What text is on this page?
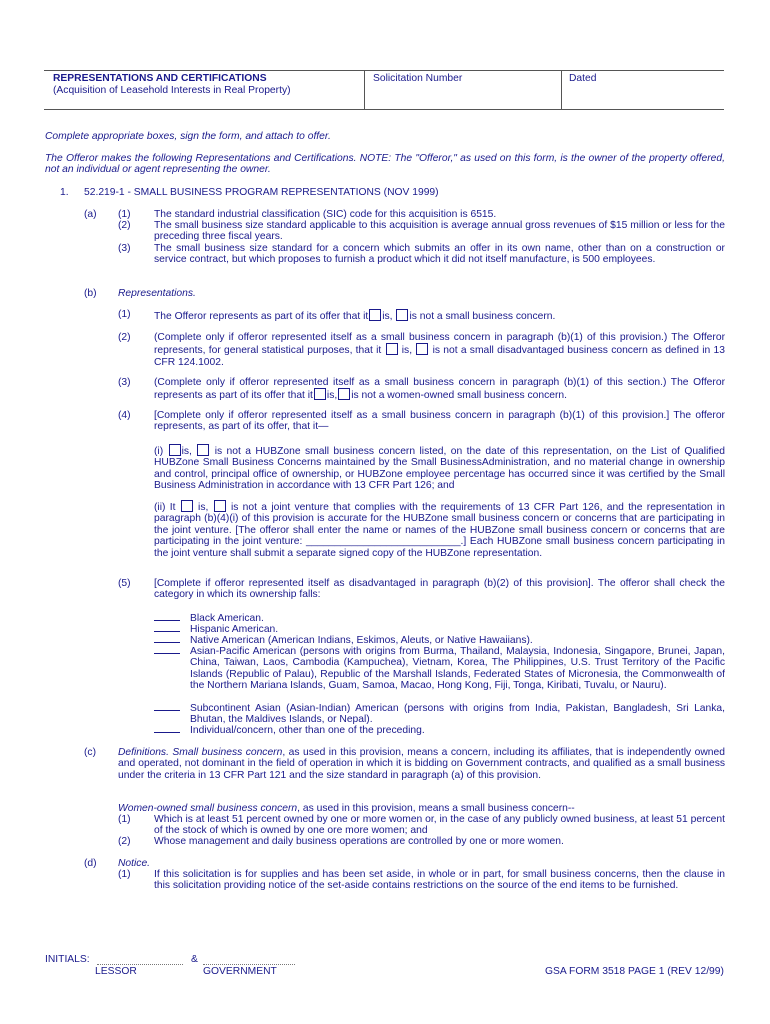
REPRESENTATIONS AND CERTIFICATIONS
(Acquisition of Leasehold Interests in Real Property)
Solicitation Number	Dated
Complete appropriate boxes, sign the form, and attach to offer.
The Offeror makes the following Representations and Certifications. NOTE: The "Offeror," as used on this form, is the owner of the property offered, not an individual or agent representing the owner.
1. 52.219-1 - SMALL BUSINESS PROGRAM REPRESENTATIONS (NOV 1999)
(a) (1) The standard industrial classification (SIC) code for this acquisition is 6515.
(2) The small business size standard applicable to this acquisition is average annual gross revenues of $15 million or less for the preceding three fiscal years.
(3) The small business size standard for a concern which submits an offer in its own name, other than on a construction or service contract, but which proposes to furnish a product which it did not itself manufacture, is 500 employees.
(b) Representations.
(1) The Offeror represents as part of its offer that it is, is not a small business concern.
(2) (Complete only if offeror represented itself as a small business concern in paragraph (b)(1) of this provision.) The Offeror represents, for general statistical purposes, that it is, is not a small disadvantaged business concern as defined in 13 CFR 124.1002.
(3) (Complete only if offeror represented itself as a small business concern in paragraph (b)(1) of this section.) The Offeror represents as part of its offer that it is, is not a women-owned small business concern.
(4) [Complete only if offeror represented itself as a small business concern in paragraph (b)(1) of this provision.] The offeror represents, as part of its offer, that it—
(i) is, is not a HUBZone small business concern listed, on the date of this representation, on the List of Qualified HUBZone Small Business Concerns maintained by the Small BusinessAdministration, and no material change in ownership and control, principal office of ownership, or HUBZone employee percentage has occurred since it was certified by the Small Business Administration in accordance with 13 CFR Part 126; and
(ii) It is, is not a joint venture that complies with the requirements of 13 CFR Part 126, and the representation in paragraph (b)(4)(i) of this provision is accurate for the HUBZone small business concern or concerns that are participating in the joint venture. [The offeror shall enter the name or names of the HUBZone small business concern or concerns that are participating in the joint venture: ___________________________.] Each HUBZone small business concern participating in the joint venture shall submit a separate signed copy of the HUBZone representation.
(5) [Complete if offeror represented itself as disadvantaged in paragraph (b)(2) of this provision]. The offeror shall check the category in which its ownership falls:
Black American.
Hispanic American.
Native American (American Indians, Eskimos, Aleuts, or Native Hawaiians).
Asian-Pacific American (persons with origins from Burma, Thailand, Malaysia, Indonesia, Singapore, Brunei, Japan, China, Taiwan, Laos, Cambodia (Kampuchea), Vietnam, Korea, The Philippines, U.S. Trust Territory of the Pacific Islands (Republic of Palau), Republic of the Marshall Islands, Federated States of Micronesia, the Commonwealth of the Northern Mariana Islands, Guam, Samoa, Macao, Hong Kong, Fiji, Tonga, Kiribati, Tuvalu, or Nauru).
Subcontinent Asian (Asian-Indian) American (persons with origins from India, Pakistan, Bangladesh, Sri Lanka, Bhutan, the Maldives Islands, or Nepal).
Individual/concern, other than one of the preceding.
(c) Definitions. Small business concern, as used in this provision, means a concern, including its affiliates, that is independently owned and operated, not dominant in the field of operation in which it is bidding on Government contracts, and qualified as a small business under the criteria in 13 CFR Part 121 and the size standard in paragraph (a) of this provision.
Women-owned small business concern, as used in this provision, means a small business concern--
(1) Which is at least 51 percent owned by one or more women or, in the case of any publicly owned business, at least 51 percent of the stock of which is owned by one ore more women; and
(2) Whose management and daily business operations are controlled by one or more women.
(d) Notice.
(1) If this solicitation is for supplies and has been set aside, in whole or in part, for small business concerns, then the clause in this solicitation providing notice of the set-aside contains restrictions on the source of the end items to be furnished.
INITIALS:	&
LESSOR	GOVERNMENT	GSA FORM 3518 PAGE 1 (REV 12/99)
